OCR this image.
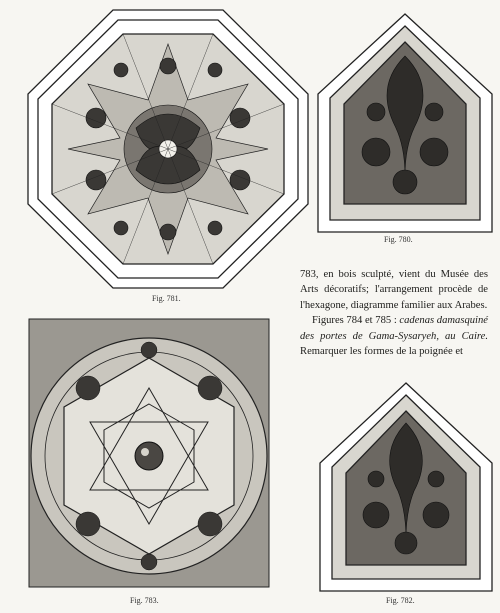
Fig. 781.
Fig. 780.
Fig. 783.	Fig. 782.

783, en bois sculpté, vient du Musée des Arts décoratifs; l'arrangement procède de l'hexagone, diagramme familier aux Arabes.

Figures 784 et 785 : cadenas damasquiné des portes de Gama-Sysaryeh, au Caire. Remarquer les formes de la poignée et
